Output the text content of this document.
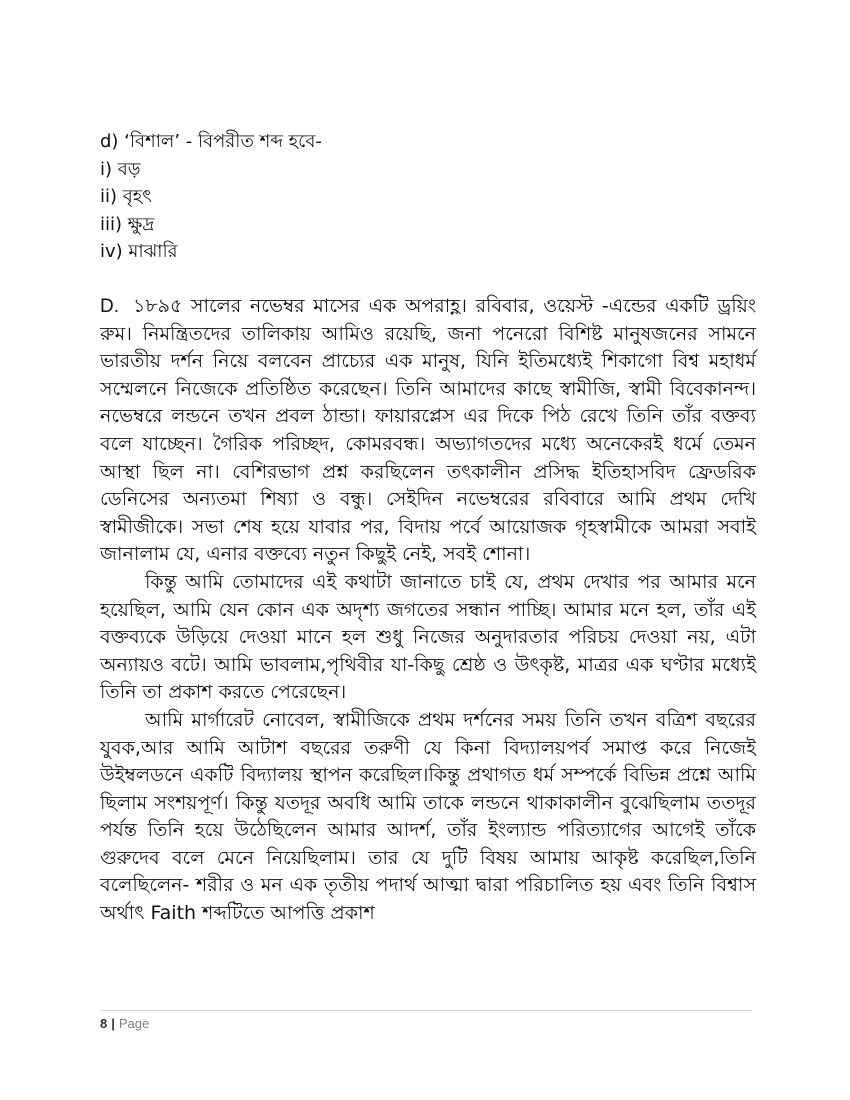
d) ‘বিশাল’ - বিপরীত শব্দ হবে-
i) বড়
ii) বৃহৎ
iii) ক্ষুদ্র
iv) মাঝারি

D. ১৮৯৫ সালের নভেম্বর মাসের এক অপরাহ্ণ। রবিবার, ওয়েস্ট -এন্ডের একটি ড্রয়িং রুম। নিমন্ত্রিতদের তালিকায় আমিও রয়েছি, জনা পনেরো বিশিষ্ট মানুষজনের সামনে ভারতীয় দর্শন নিয়ে বলবেন প্রাচ্যের এক মানুষ, যিনি ইতিমধ্যেই শিকাগো বিশ্ব মহাধর্ম সম্মেলনে নিজেকে প্রতিষ্ঠিত করেছেন। তিনি আমাদের কাছে স্বামীজি, স্বামী বিবেকানন্দ। নভেম্বরে লন্ডনে তখন প্রবল ঠান্ডা। ফায়ারপ্লেস এর দিকে পিঠ রেখে তিনি তাঁর বক্তব্য বলে যাচ্ছেন। গৈরিক পরিচ্ছদ, কোমরবন্ধ। অভ্যাগতদের মধ্যে অনেকেরই ধর্মে তেমন আস্থা ছিল না। বেশিরভাগ প্রশ্ন করছিলেন তৎকালীন প্রসিদ্ধ ইতিহাসবিদ ফ্রেডরিক ডেনিসের অন্যতমা শিষ্যা ও বন্ধু। সেইদিন নভেম্বরের রবিবারে আমি প্রথম দেখি স্বামীজীকে। সভা শেষ হয়ে যাবার পর, বিদায় পর্বে আয়োজক গৃহস্বামীকে আমরা সবাই জানালাম যে, এনার বক্তব্যে নতুন কিছুই নেই, সবই শোনা।

কিন্তু আমি তোমাদের এই কথাটা জানাতে চাই যে, প্রথম দেখার পর আমার মনে হয়েছিল, আমি যেন কোন এক অদৃশ্য জগতের সন্ধান পাচ্ছি। আমার মনে হল, তাঁর এই বক্তব্যকে উড়িয়ে দেওয়া মানে হল শুধু নিজের অনুদারতার পরিচয় দেওয়া নয়, এটা অন্যায়ও বটে। আমি ভাবলাম,পৃথিবীর যা-কিছু শ্রেষ্ঠ ও উৎকৃষ্ট, মাত্রর এক ঘণ্টার মধ্যেই তিনি তা প্রকাশ করতে পেরেছেন।

আমি মার্গারেট নোবেল, স্বামীজিকে প্রথম দর্শনের সময় তিনি তখন বত্রিশ বছরের যুবক,আর আমি আটাশ বছরের তরুণী যে কিনা বিদ্যালয়পর্ব সমাপ্ত করে নিজেই উইম্বলডনে একটি বিদ্যালয় স্থাপন করেছিল।কিন্তু প্রথাগত ধর্ম সম্পর্কে বিভিন্ন প্রশ্নে আমি ছিলাম সংশয়পূর্ণ। কিন্তু যতদূর অবধি আমি তাকে লন্ডনে থাকাকালীন বুঝেছিলাম ততদূর পর্যন্ত তিনি হয়ে উঠেছিলেন আমার আদর্শ, তাঁর ইংল্যান্ড পরিত্যাগের আগেই তাঁকে গুরুদেব বলে মেনে নিয়েছিলাম। তার যে দুটি বিষয় আমায় আকৃষ্ট করেছিল,তিনি বলেছিলেন- শরীর ও মন এক তৃতীয় পদার্থ আত্মা দ্বারা পরিচালিত হয় এবং তিনি বিশ্বাস অর্থাৎ Faith শব্দটিতে আপত্তি প্রকাশ

8 | Page
